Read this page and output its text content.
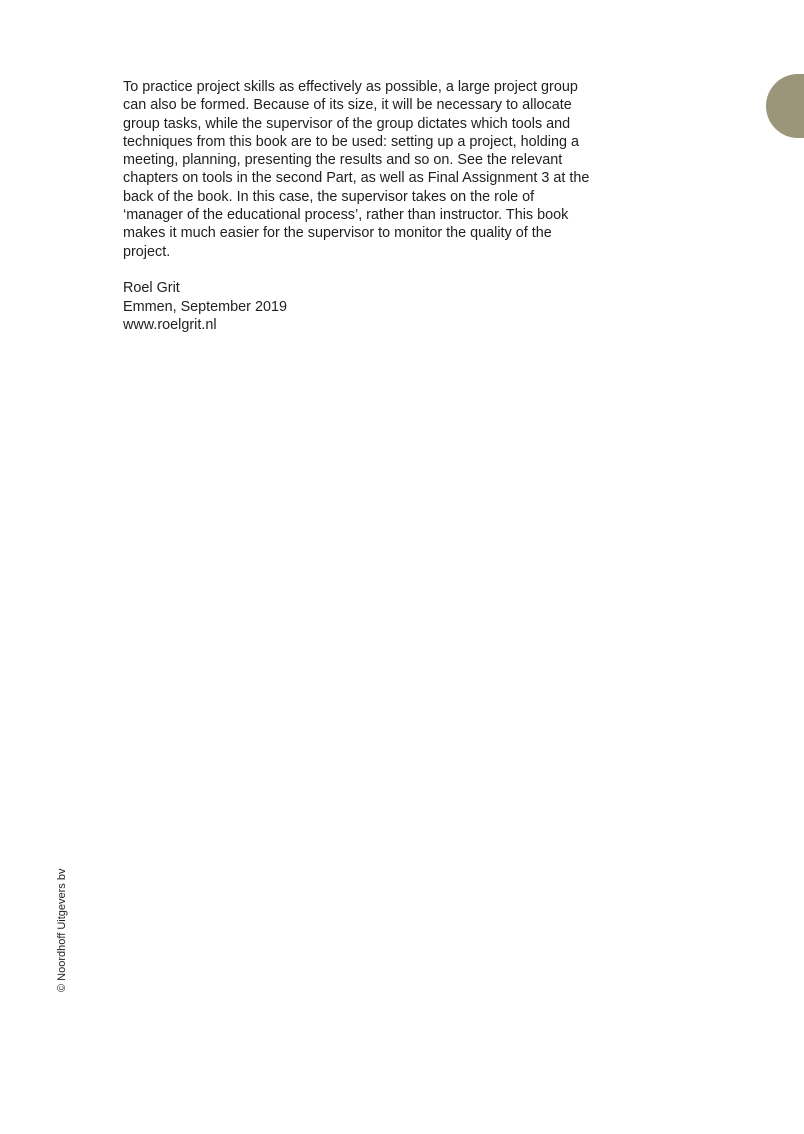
To practice project skills as effectively as possible, a large project group
can also be formed. Because of its size, it will be necessary to allocate
group tasks, while the supervisor of the group dictates which tools and
techniques from this book are to be used: setting up a project, holding a
meeting, planning, presenting the results and so on. See the relevant
chapters on tools in the second Part, as well as Final Assignment 3 at the
back of the book. In this case, the supervisor takes on the role of
‘manager of the educational process’, rather than instructor. This book
makes it much easier for the supervisor to monitor the quality of the
project.

Roel Grit
Emmen, September 2019
www.roelgrit.nl
© Noordhoff Uitgevers bv
